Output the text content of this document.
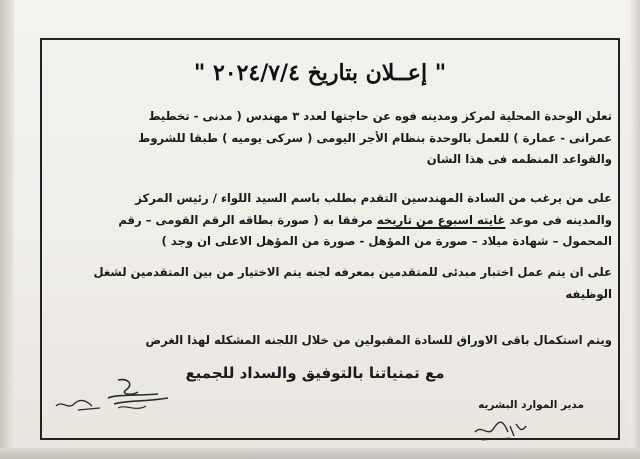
" إعــلان بتاريخ ٢٠٢٤/٧/٤ "
تعلن الوحدة المحلية لمركز ومدينه فوه عن حاجتها لعدد ٣ مهندس ( مدنى - تخطيط
عمرانى - عمارة ) للعمل بالوحدة بنظام الأجر اليومى ( سركى يوميه ) طبقا للشروط
والقواعد المنظمه فى هذا الشان
على من يرغب من السادة المهندسين التقدم بطلب باسم السيد اللواء / رئيس المركز
والمدينه فى موعد غايته اسبوع من تاريخه مرفقا به ( صورة بطاقه الرقم القومى – رقم
المحمول – شهادة ميلاد – صورة من المؤهل - صورة من المؤهل الاعلى ان وجد )
على ان يتم عمل اختبار مبدئى للمتقدمين بمعرفه لجنه يتم الاختيار من بين المتقدمين لشغل
الوظيفه
ويتم استكمال باقى الاوراق للسادة المقبولين من خلال اللجنه المشكله لهذا الغرض
مع تمنياتنا بالتوفيق والسداد للجميع
مدير الموارد البشريه
